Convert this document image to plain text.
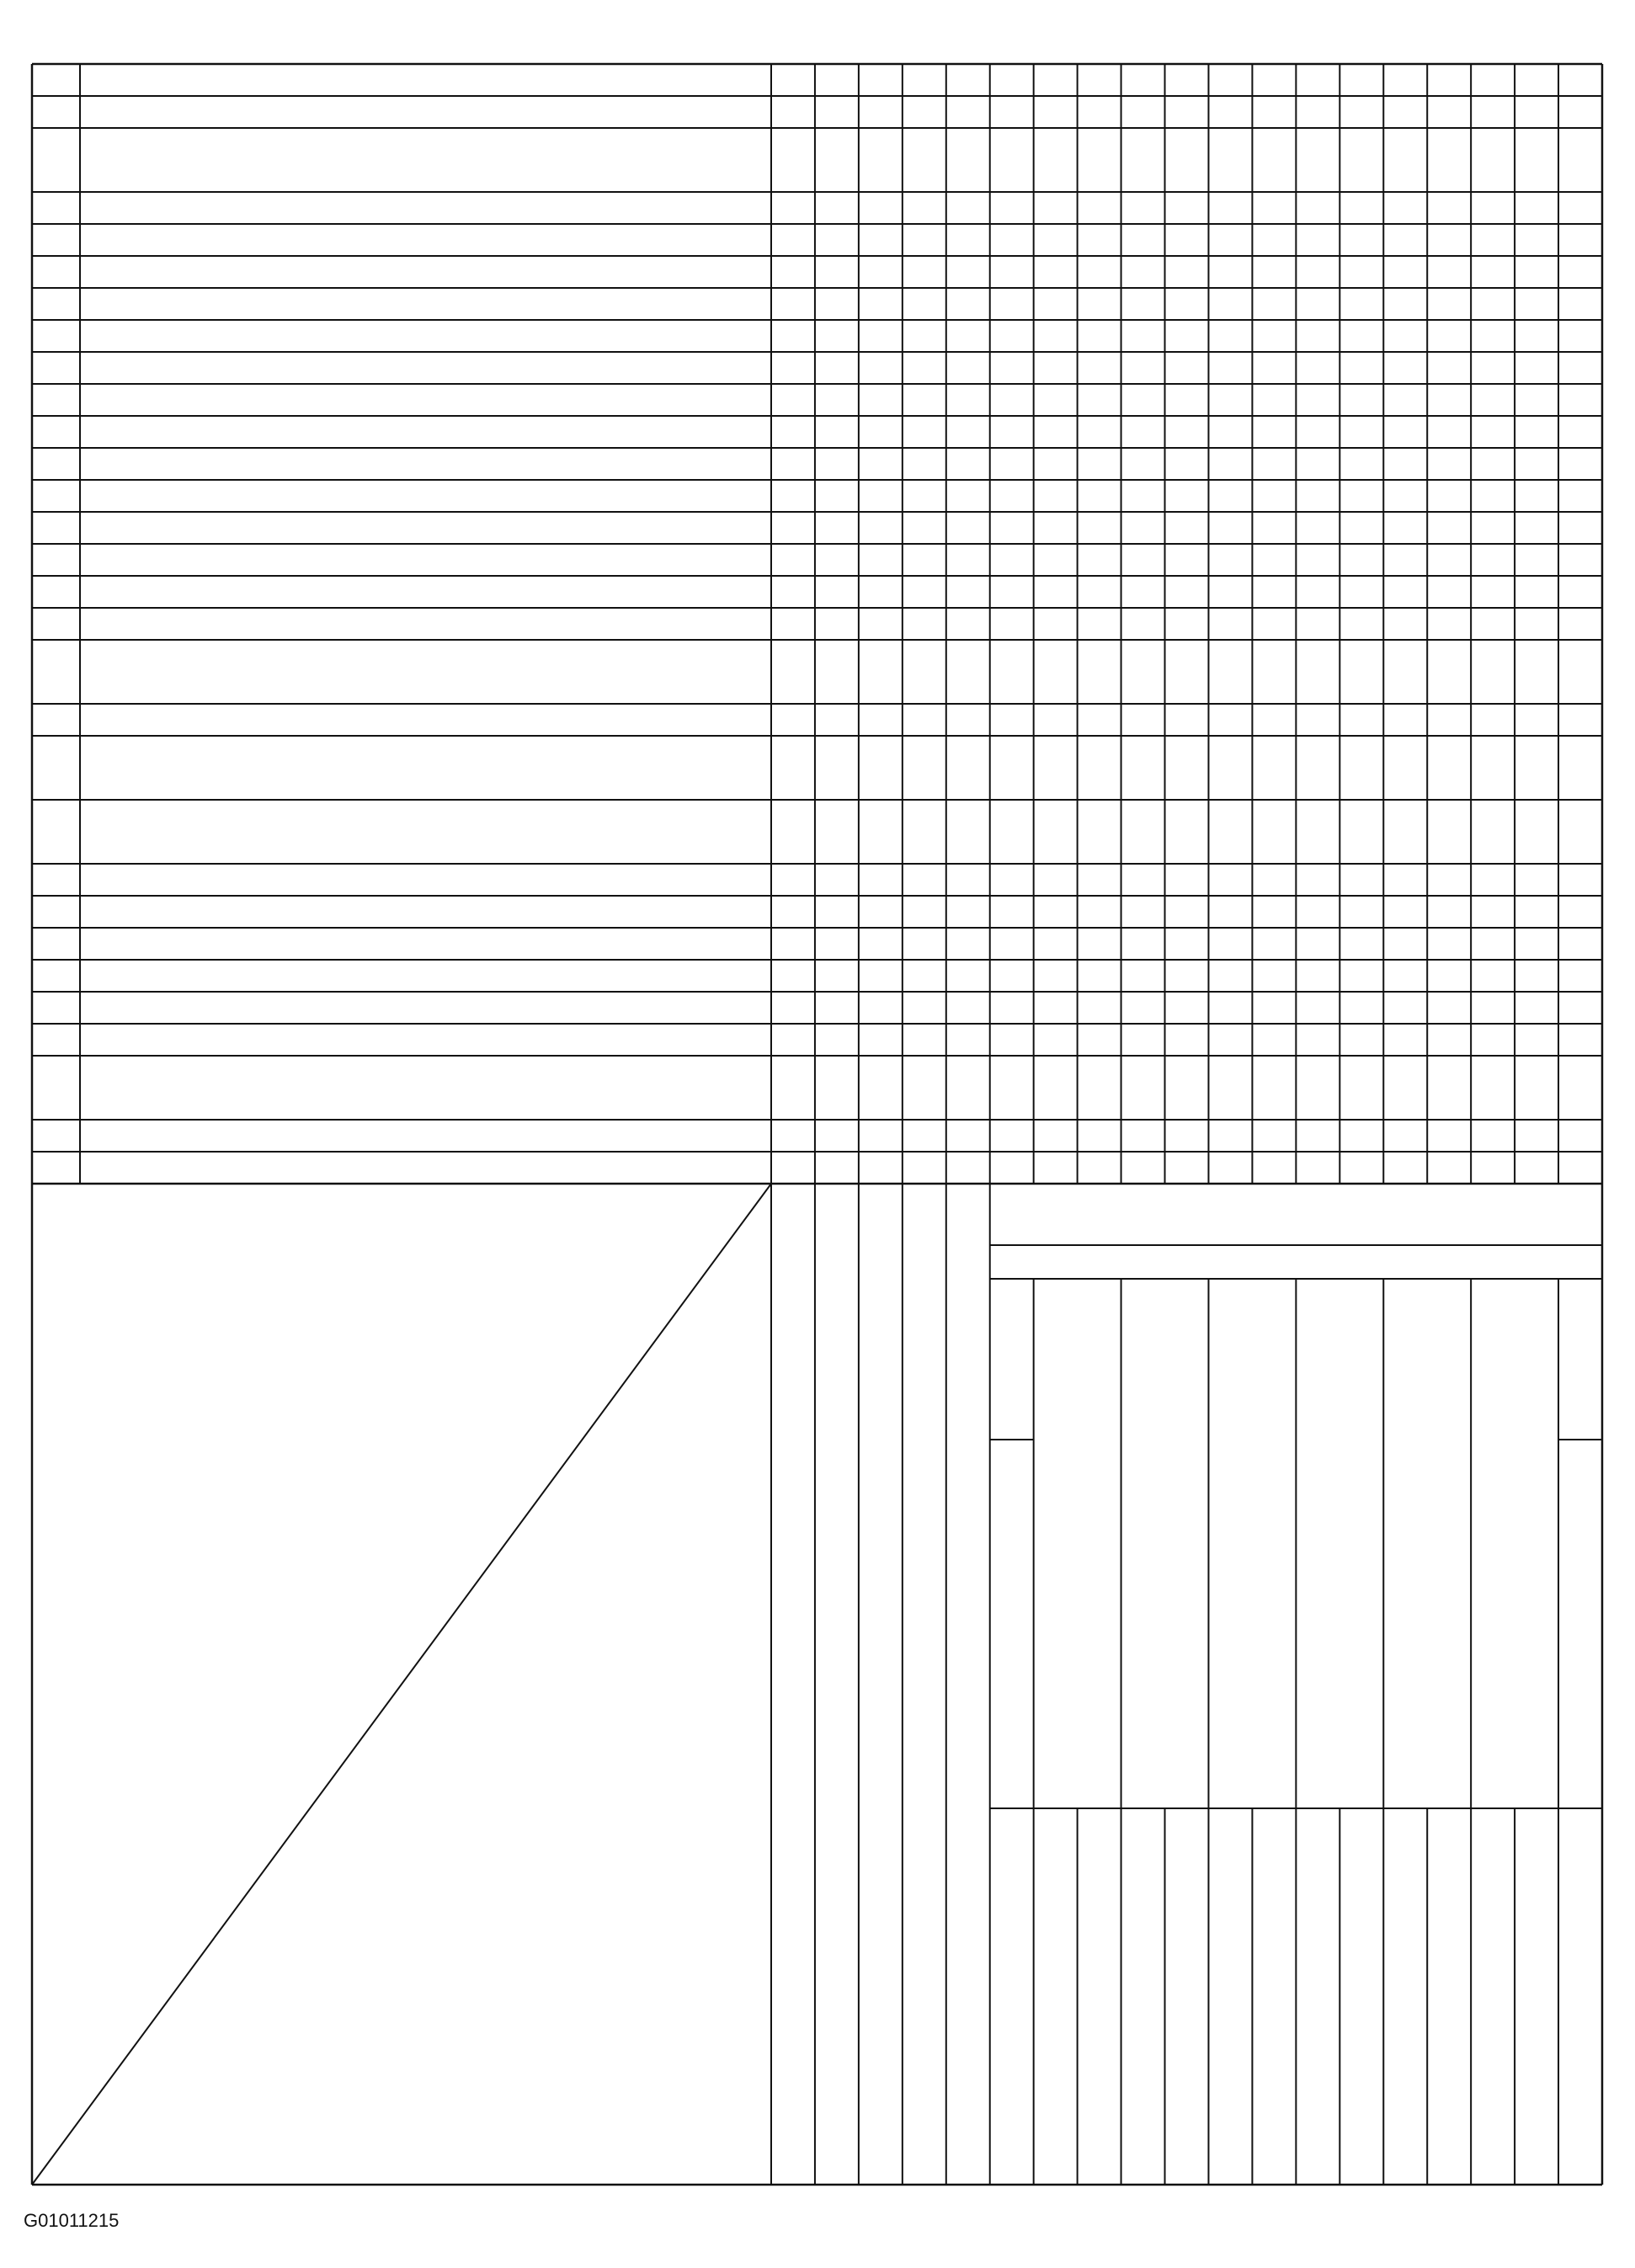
G01011215
